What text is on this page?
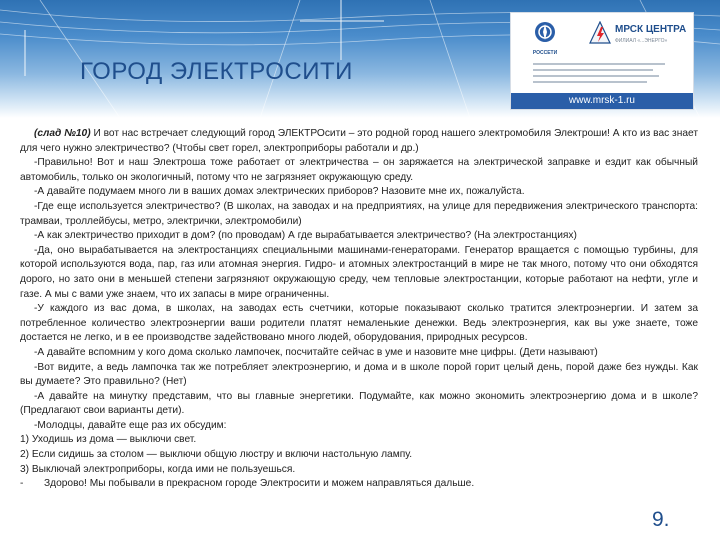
ГОРОД ЭЛЕКТРОСИТИ
РОССЕТИ
МРСК ЦЕНТРА
ФИЛИАЛ «...ЭНЕРГО»
www.mrsk-1.ru

(слад №10) И вот нас встречает следующий город ЭЛЕКТРОсити – это родной город нашего электромобиля Электроши! А кто из вас знает для чего нужно электричество? (Чтобы свет горел, электроприборы работали и др.)

-Правильно! Вот и наш Электроша тоже работает от электричества – он заряжается на электрической заправке и ездит как обычный автомобиль, только он экологичный, потому что не загрязняет окружающую среду.

-А давайте подумаем много ли в ваших домах электрических приборов? Назовите мне их, пожалуйста.

-Где еще используется электричество? (В школах, на заводах и на предприятиях, на улице для передвижения электрического транспорта: трамваи, троллейбусы, метро, электрички, электромобили)

-А как электричество приходит в дом? (по проводам) А где вырабатывается электричество? (На электростанциях)

-Да, оно вырабатывается на электростанциях специальными машинами-генераторами. Генератор вращается с помощью турбины, для которой используются вода, пар, газ или атомная энергия. Гидро- и атомных электростанций в мире не так много, потому что они обходятся дорого, но зато они в меньшей степени загрязняют окружающую среду, чем тепловые электростанции, которые работают на нефти, угле и газе. А мы с вами уже знаем, что их запасы в мире ограниченны.

-У каждого из вас дома, в школах, на заводах есть счетчики, которые показывают сколько тратится электроэнергии. И затем за потребленное количество электроэнергии ваши родители платят немаленькие денежки. Ведь электроэнергия, как вы уже знаете, тоже достается не легко, и в ее производстве задействовано много людей, оборудования, природных ресурсов.

-А давайте вспомним у кого дома сколько лампочек, посчитайте сейчас в уме и назовите мне цифры. (Дети называют)

-Вот видите, а ведь лампочка так же потребляет электроэнергию, и дома и в школе порой горит целый день, порой даже без нужды. Как вы думаете? Это правильно? (Нет)

-А давайте на минутку представим, что вы главные энергетики. Подумайте, как можно экономить электроэнергию дома и в школе? (Предлагают свои варианты дети).

-Молодцы, давайте еще раз их обсудим:

1) Уходишь из дома — выключи свет.

2) Если сидишь за столом — выключи общую люстру и включи настольную лампу.

3) Выключай электроприборы, когда ими не пользуешься.

- Здорово! Мы побывали в прекрасном городе Электросити и можем направляться дальше.

9.
